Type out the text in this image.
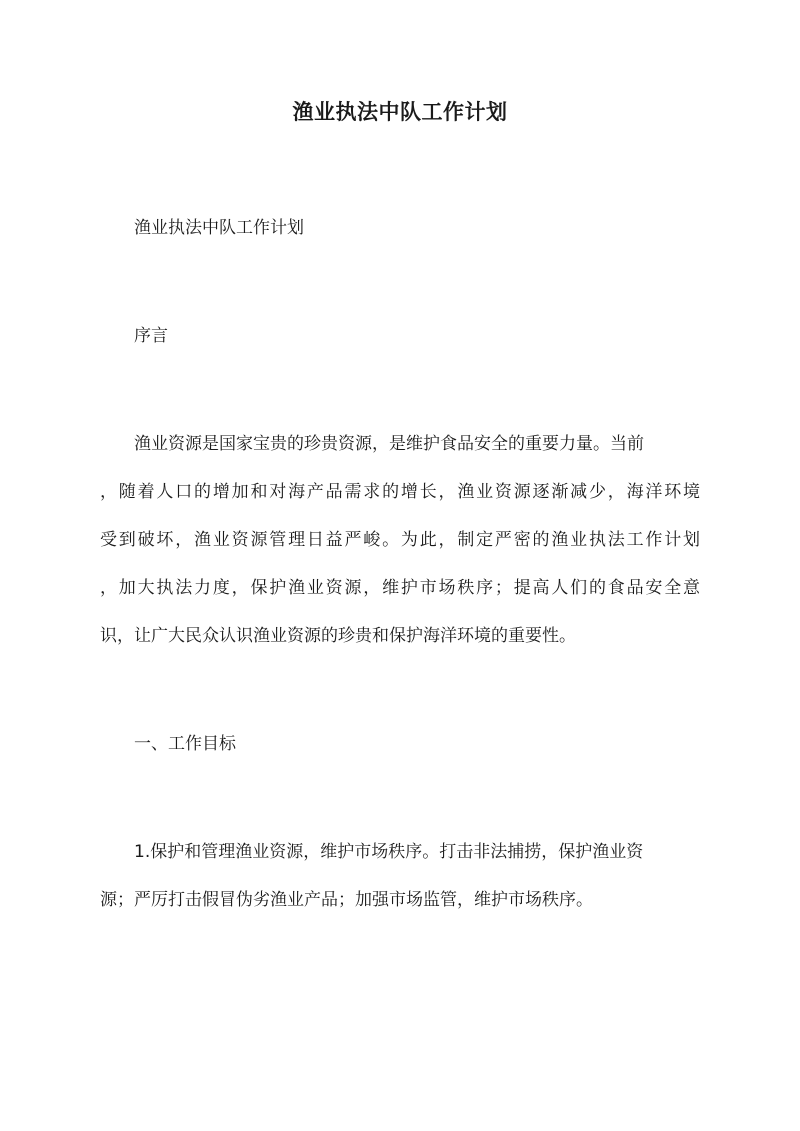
渔业执法中队工作计划
渔业执法中队工作计划
序言
渔业资源是国家宝贵的珍贵资源，是维护食品安全的重要力量。当前
，随着人口的增加和对海产品需求的增长，渔业资源逐渐减少，海洋环境
受到破坏，渔业资源管理日益严峻。为此，制定严密的渔业执法工作计划
，加大执法力度，保护渔业资源，维护市场秩序；提高人们的食品安全意
识，让广大民众认识渔业资源的珍贵和保护海洋环境的重要性。
一、工作目标
1.保护和管理渔业资源，维护市场秩序。打击非法捕捞，保护渔业资
源；严厉打击假冒伪劣渔业产品；加强市场监管，维护市场秩序。
